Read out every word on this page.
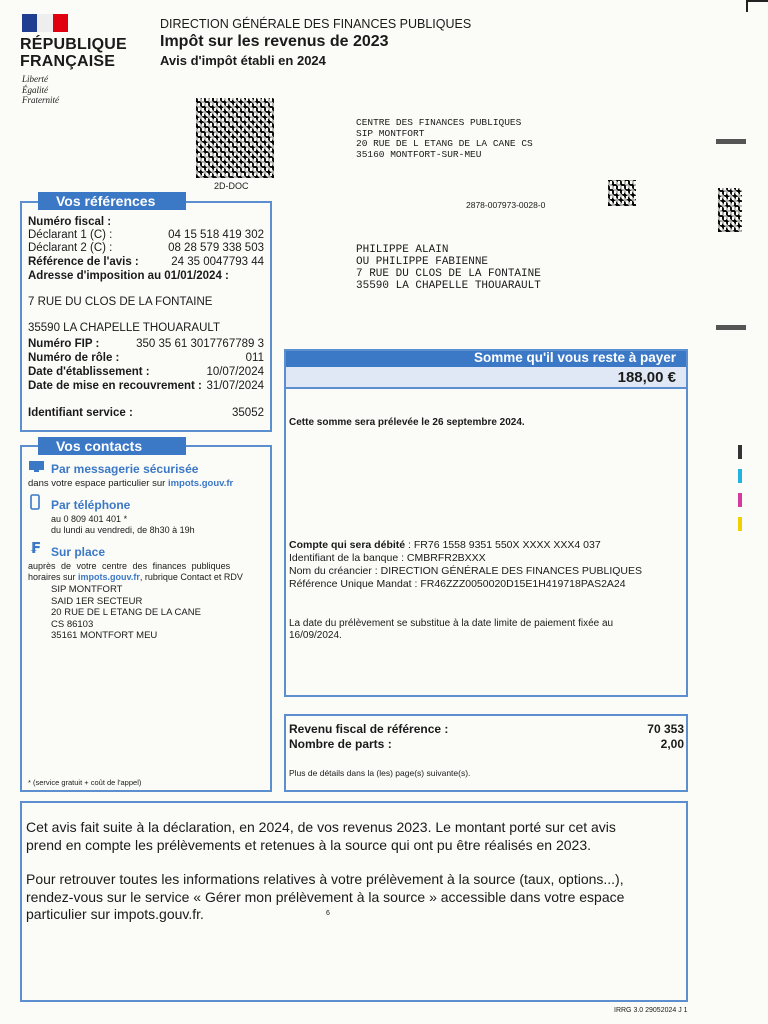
RÉPUBLIQUE
FRANÇAISE
Liberté
Égalité
Fraternité
DIRECTION GÉNÉRALE DES FINANCES PUBLIQUES
Impôt sur les revenus de 2023
Avis d'impôt établi en 2024
2D-DOC
CENTRE DES FINANCES PUBLIQUES
SIP MONTFORT
20 RUE DE L ETANG DE LA CANE CS
35160 MONTFORT-SUR-MEU
2878-007973-0028-0
PHILIPPE ALAIN
OU PHILIPPE FABIENNE
7 RUE DU CLOS DE LA FONTAINE
35590 LA CHAPELLE THOUARAULT
Vos références
Numéro fiscal :
Déclarant 1 (C) :	04 15 518 419 302
Déclarant 2 (C) :	08 28 579 338 503
Référence de l'avis :	24 35 0047793 44
Adresse d'imposition au 01/01/2024 :
7 RUE DU CLOS DE LA FONTAINE
35590 LA CHAPELLE THOUARAULT
Numéro FIP :	350 35 61 3017767789 3
Numéro de rôle :	011
Date d'établissement :	10/07/2024
Date de mise en recouvrement : 31/07/2024
Identifiant service :	35052
Vos contacts
Par messagerie sécurisée
dans votre espace particulier sur impots.gouv.fr
Par téléphone
au 0 809 401 401 *
du lundi au vendredi, de 8h30 à 19h
₣ Sur place
auprès de votre centre des finances publiques
horaires sur impots.gouv.fr, rubrique Contact et RDV
SIP MONTFORT
SAID 1ER SECTEUR
20 RUE DE L ETANG DE LA CANE
CS 86103
35161 MONTFORT MEU
* (service gratuit + coût de l'appel)
Somme qu'il vous reste à payer
188,00 €
Cette somme sera prélevée le 26 septembre 2024.
Compte qui sera débité : FR76 1558 9351 550X XXXX XXX4 037
Identifiant de la banque : CMBRFR2BXXX
Nom du créancier : DIRECTION GÉNÉRALE DES FINANCES PUBLIQUES
Référence Unique Mandat : FR46ZZZ0050020D15E1H419718PAS2A24
La date du prélèvement se substitue à la date limite de paiement fixée au
16/09/2024.
Revenu fiscal de référence :	70 353
Nombre de parts :	2,00
Plus de détails dans la (les) page(s) suivante(s).
Cet avis fait suite à la déclaration, en 2024, de vos revenus 2023. Le montant porté sur cet avis
prend en compte les prélèvements et retenues à la source qui ont pu être réalisés en 2023.
Pour retrouver toutes les informations relatives à votre prélèvement à la source (taux, options...),
rendez-vous sur le service « Gérer mon prélèvement à la source » accessible dans votre espace
particulier sur impots.gouv.fr.	6
IRRG 3.0 29052024 J 1
